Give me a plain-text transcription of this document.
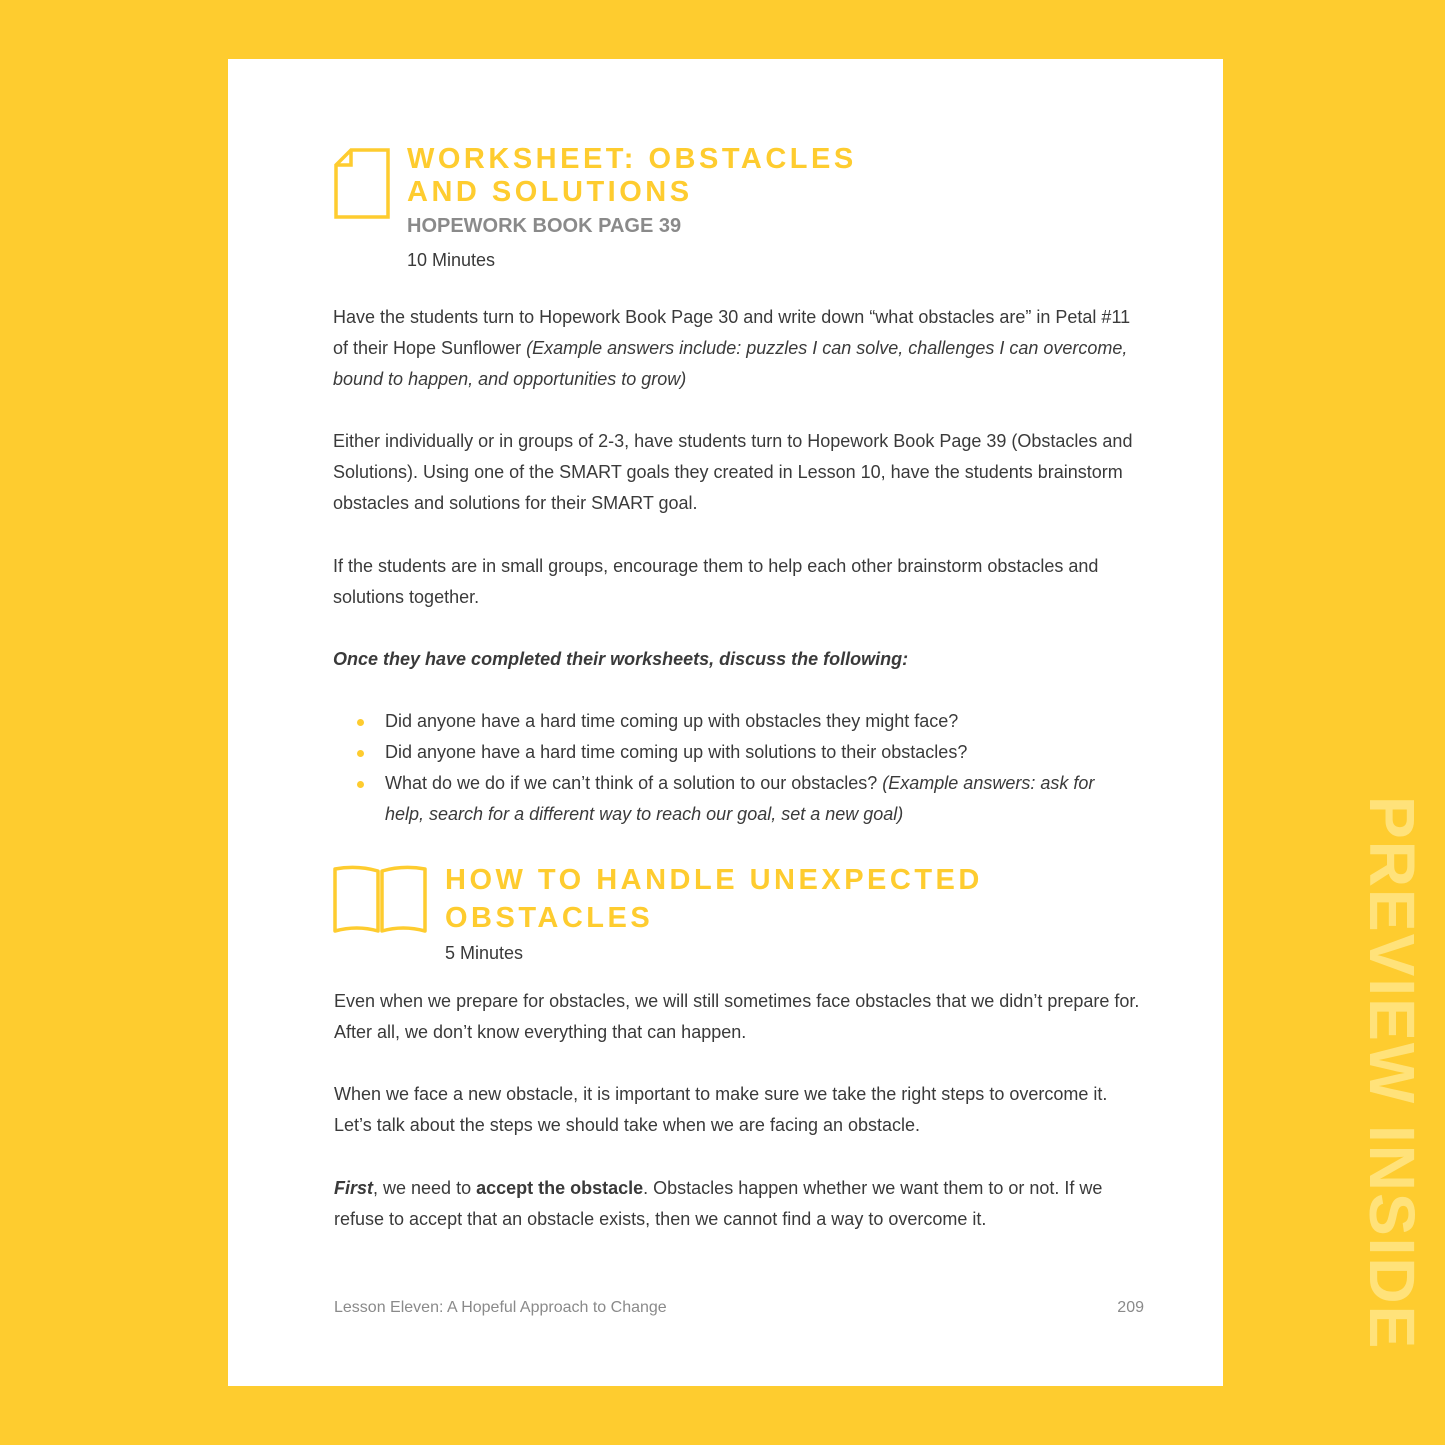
WORKSHEET: OBSTACLES
AND SOLUTIONS
HOPEWORK BOOK PAGE 39
10 Minutes

Have the students turn to Hopework Book Page 30 and write down “what obstacles are” in Petal #11 of their Hope Sunflower (Example answers include: puzzles I can solve, challenges I can overcome, bound to happen, and opportunities to grow)

Either individually or in groups of 2-3, have students turn to Hopework Book Page 39 (Obstacles and Solutions). Using one of the SMART goals they created in Lesson 10, have the students brainstorm obstacles and solutions for their SMART goal.

If the students are in small groups, encourage them to help each other brainstorm obstacles and solutions together.

Once they have completed their worksheets, discuss the following:

Did anyone have a hard time coming up with obstacles they might face?
Did anyone have a hard time coming up with solutions to their obstacles?
What do we do if we can’t think of a solution to our obstacles? (Example answers: ask for help, search for a different way to reach our goal, set a new goal)
HOW TO HANDLE UNEXPECTED
OBSTACLES
5 Minutes

Even when we prepare for obstacles, we will still sometimes face obstacles that we didn’t prepare for. After all, we don’t know everything that can happen.

When we face a new obstacle, it is important to make sure we take the right steps to overcome it. Let’s talk about the steps we should take when we are facing an obstacle.

First, we need to accept the obstacle. Obstacles happen whether we want them to or not. If we refuse to accept that an obstacle exists, then we cannot find a way to overcome it.

Lesson Eleven: A Hopeful Approach to Change	209	PREVIEW INSIDE
